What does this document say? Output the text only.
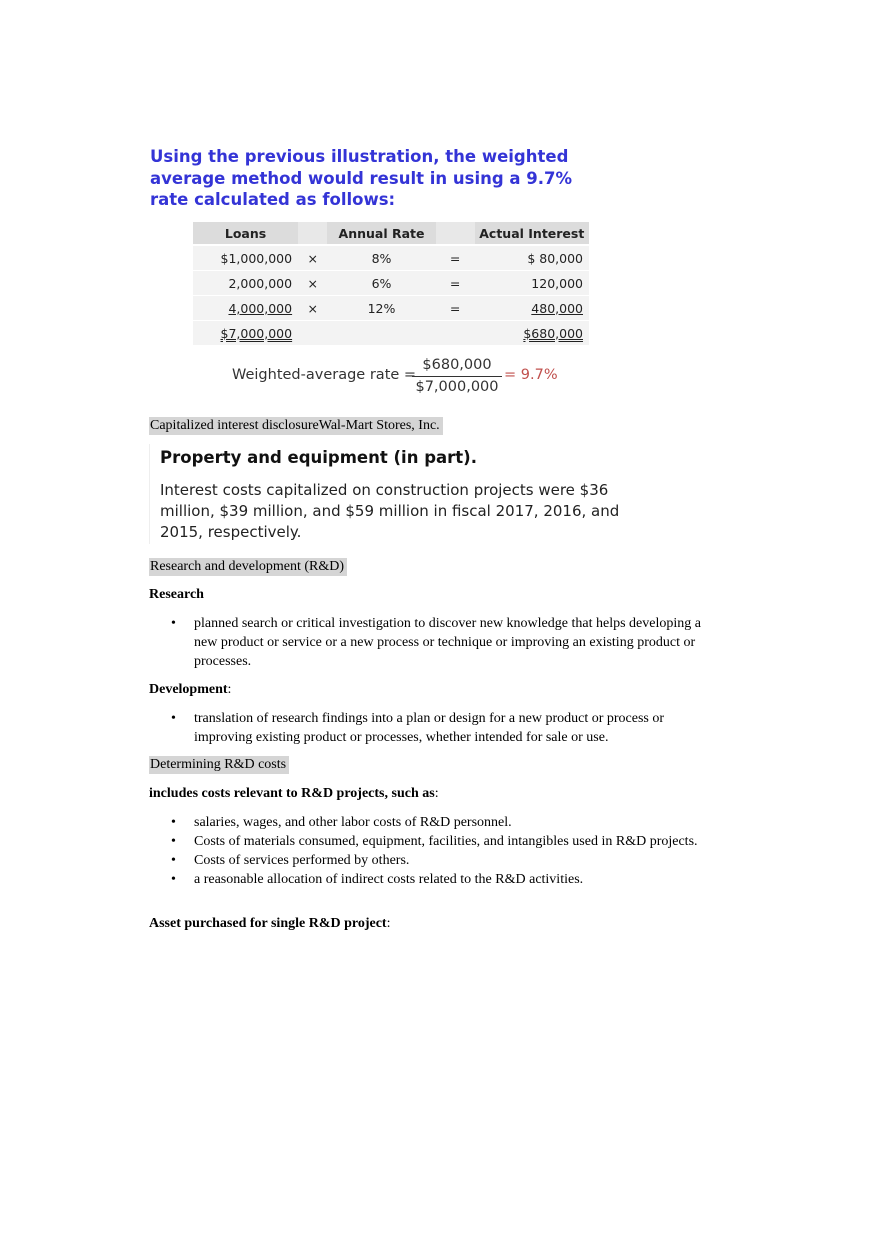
Using the previous illustration, the weighted average method would result in using a 9.7% rate calculated as follows:

Loans		Annual Rate		Actual Interest
$1,000,000	×	8%	=	$ 80,000
2,000,000	×	6%	=	120,000
4,000,000	×	12%	=	480,000
$7,000,000				$680,000
Weighted-average rate =
$680,000
$7,000,000
= 9.7%
Capitalized interest disclosureWal-Mart Stores, Inc.

Property and equipment (in part).

Interest costs capitalized on construction projects were $36 million, $39 million, and $59 million in fiscal 2017, 2016, and 2015, respectively.

Research and development (R&D)
Research
• planned search or critical investigation to discover new knowledge that helps developing a new product or service or a new process or technique or improving an existing product or processes.
Development:
• translation of research findings into a plan or design for a new product or process or improving existing product or processes, whether intended for sale or use.
Determining R&D costs
includes costs relevant to R&D projects, such as:
• salaries, wages, and other labor costs of R&D personnel.
• Costs of materials consumed, equipment, facilities, and intangibles used in R&D projects.
• Costs of services performed by others.
• a reasonable allocation of indirect costs related to the R&D activities.
Asset purchased for single R&D project:
